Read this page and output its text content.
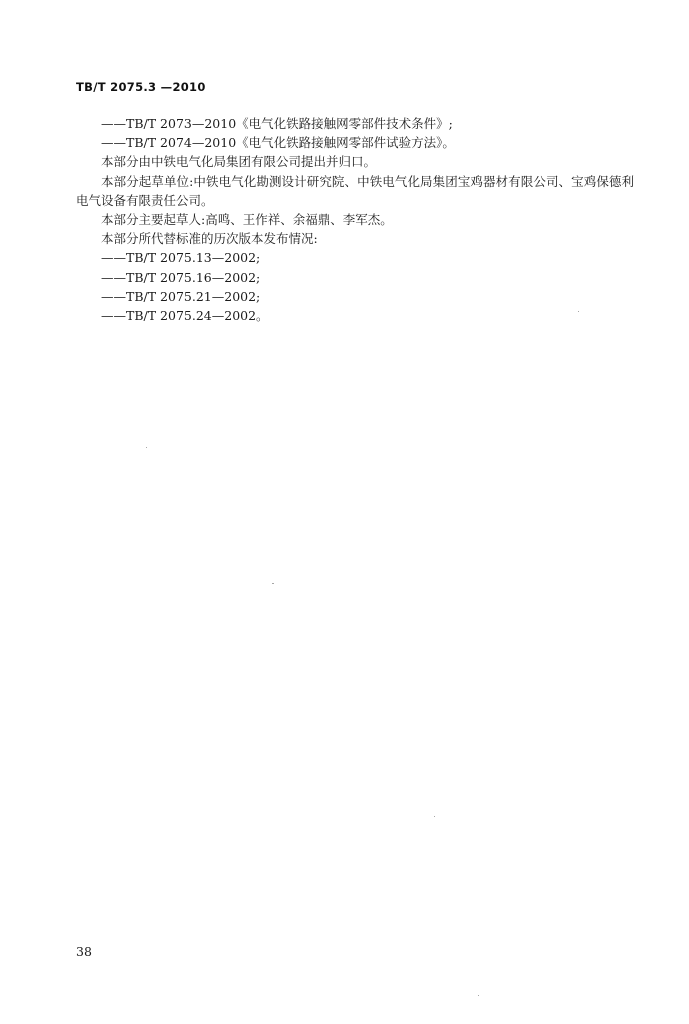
TB/T 2075.3 —2010

——TB/T 2073—2010《电气化铁路接触网零部件技术条件》;

——TB/T 2074—2010《电气化铁路接触网零部件试验方法》。

本部分由中铁电气化局集团有限公司提出并归口。

本部分起草单位:中铁电气化勘测设计研究院、中铁电气化局集团宝鸡器材有限公司、宝鸡保德利电气设备有限责任公司。

本部分主要起草人:高鸣、王作祥、余福鼎、李军杰。

本部分所代替标准的历次版本发布情况:

——TB/T 2075.13—2002;

——TB/T 2075.16—2002;

——TB/T 2075.21—2002;

——TB/T 2075.24—2002。

38
